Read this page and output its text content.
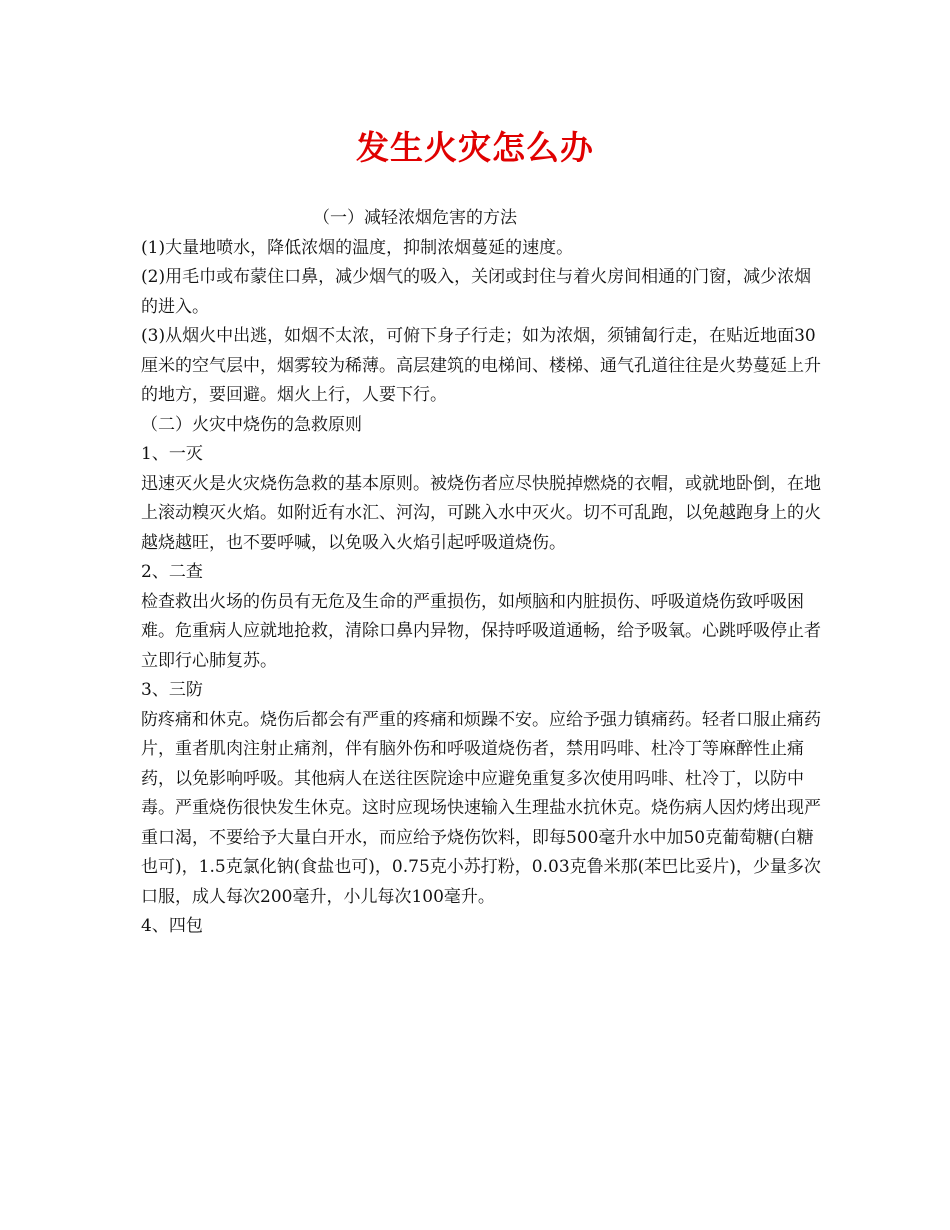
发生火灾怎么办

（一）减轻浓烟危害的方法

(1)大量地喷水，降低浓烟的温度，抑制浓烟蔓延的速度。

(2)用毛巾或布蒙住口鼻，减少烟气的吸入，关闭或封住与着火房间相通的门窗，减少浓烟的进入。

(3)从烟火中出逃，如烟不太浓，可俯下身子行走；如为浓烟，须铺匐行走，在贴近地面30厘米的空气层中，烟雾较为稀薄。高层建筑的电梯间、楼梯、通气孔道往往是火势蔓延上升的地方，要回避。烟火上行，人要下行。

（二）火灾中烧伤的急救原则

1、一灭

迅速灭火是火灾烧伤急救的基本原则。被烧伤者应尽快脱掉燃烧的衣帽，或就地卧倒，在地上滚动糗灭火焰。如附近有水汇、河沟，可跳入水中灭火。切不可乱跑，以免越跑身上的火越烧越旺，也不要呼喊，以免吸入火焰引起呼吸道烧伤。

2、二查

检查救出火场的伤员有无危及生命的严重损伤，如颅脑和内脏损伤、呼吸道烧伤致呼吸困难。危重病人应就地抢救，清除口鼻内异物，保持呼吸道通畅，给予吸氧。心跳呼吸停止者立即行心肺复苏。

3、三防

防疼痛和休克。烧伤后都会有严重的疼痛和烦躁不安。应给予强力镇痛药。轻者口服止痛药片，重者肌肉注射止痛剂，伴有脑外伤和呼吸道烧伤者，禁用吗啡、杜冷丁等麻醉性止痛药，以免影响呼吸。其他病人在送往医院途中应避免重复多次使用吗啡、杜冷丁，以防中毒。严重烧伤很快发生休克。这时应现场快速输入生理盐水抗休克。烧伤病人因灼烤出现严重口渴，不要给予大量白开水，而应给予烧伤饮料，即每500毫升水中加50克葡萄糖(白糖也可)，1.5克氯化钠(食盐也可)，0.75克小苏打粉，0.03克鲁米那(苯巴比妥片)，少量多次口服，成人每次200毫升，小儿每次100毫升。

4、四包
